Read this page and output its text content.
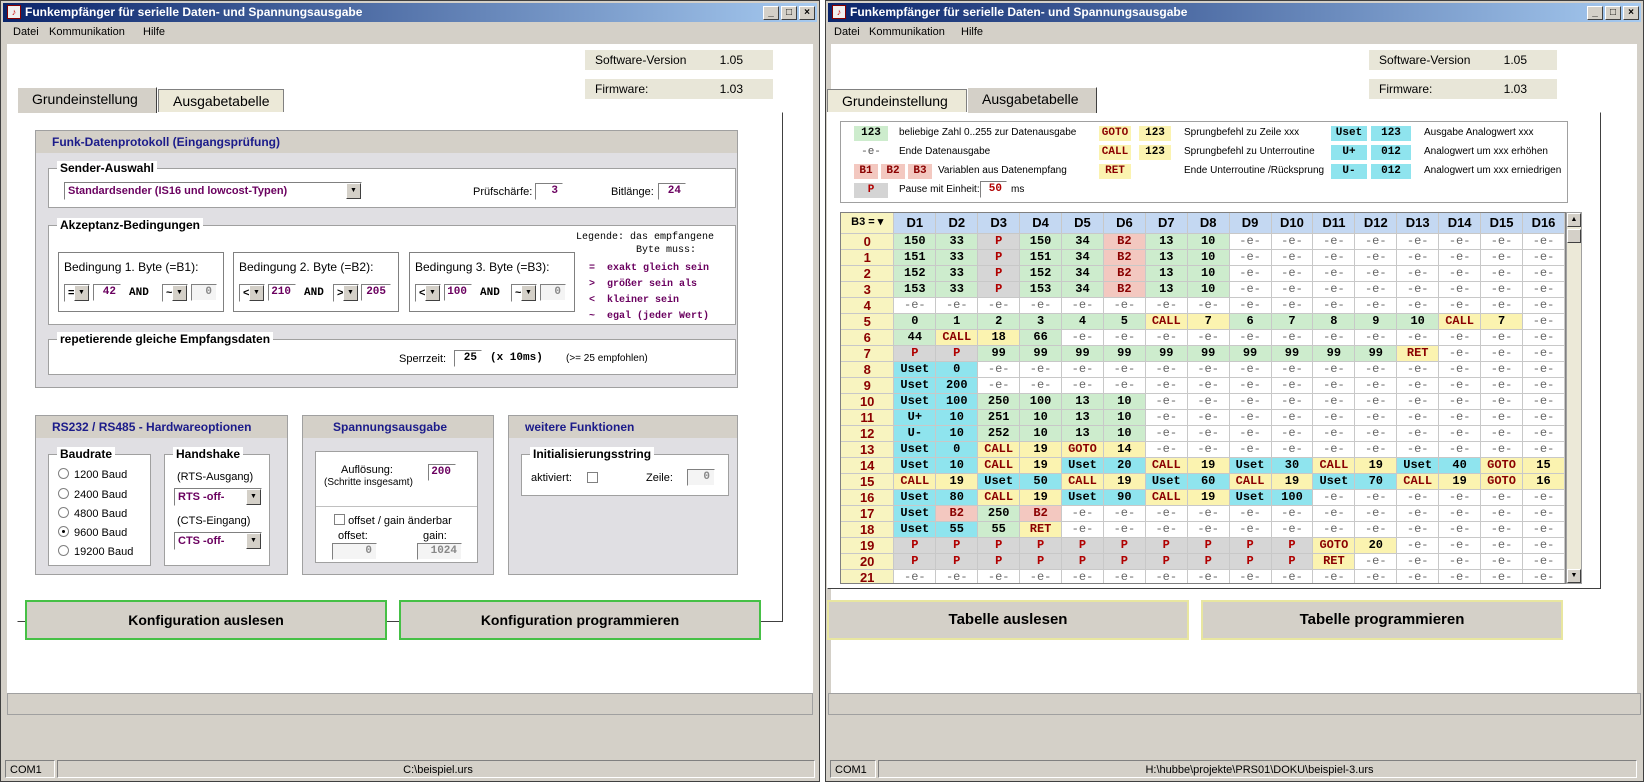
♪ Funkempfänger für serielle Daten- und Spannungsausgabe	_	□	×
Datei Kommunikation Hilfe
Software-Version	1.05
Firmware:	1.03
Grundeinstellung	Ausgabetabelle
Funk-Datenprotokoll (Eingangsprüfung)
Sender-Auswahl
Standardsender (IS16 und lowcost-Typen)	▼	Prüfschärfe:	3	Bitlänge:	24
Akzeptanz-Bedingungen
Bedingung 1. Byte (=B1):
= ▼	42	AND	~ ▼	0
Bedingung 2. Byte (=B2):
< ▼	210	AND	> ▼	205
Bedingung 3. Byte (=B3):
< ▼	100	AND	~ ▼	0
Legende: das empfangene
Byte muss:
=  exakt gleich sein
>  größer sein als
<  kleiner sein
~  egal (jeder Wert)
repetierende gleiche Empfangsdaten
Sperrzeit:	25	(x 10ms) (>= 25 empfohlen)
RS232 / RS485 - Hardwareoptionen
Baudrate
1200 Baud
2400 Baud
4800 Baud
9600 Baud
19200 Baud
Handshake
(RTS-Ausgang)
RTS -off-	▼
(CTS-Eingang)
CTS -off-	▼
Spannungsausgabe
Auflösung:
(Schritte insgesamt)
200
offset / gain änderbar
offset:	gain:
0	1024
weitere Funktionen
Initialisierungsstring
aktiviert:	Zeile:	0
Konfiguration auslesen	Konfiguration programmieren
COM1	C:\beispiel.urs
♪ Funkempfänger für serielle Daten- und Spannungsausgabe	_	□	×
Datei Kommunikation Hilfe
Software-Version	1.05
Firmware:	1.03
Grundeinstellung	Ausgabetabelle
123	beliebige Zahl 0..255 zur Datenausgabe
-e-	Ende Datenausgabe
B1	B2	B3	Variablen aus Datenempfang
P	Pause mit Einheit: 50 ms
GOTO	123	Sprungbefehl zu Zeile xxx
CALL	123	Sprungbefehl zu Unterroutine
RET	Ende Unterroutine /Rücksprung
Uset	123	Ausgabe Analogwert xxx
U+	012	Analogwert um xxx erhöhen
U-	012	Analogwert um xxx erniedrigen
B3 = ▾	D1	D2	D3	D4	D5	D6	D7	D8	D9	D10	D11	D12	D13	D14	D15	D16
0	150	33	P	150	34	B2	13	10	-e-	-e-	-e-	-e-	-e-	-e-	-e-	-e-
1	151	33	P	151	34	B2	13	10	-e-	-e-	-e-	-e-	-e-	-e-	-e-	-e-
2	152	33	P	152	34	B2	13	10	-e-	-e-	-e-	-e-	-e-	-e-	-e-	-e-
3	153	33	P	153	34	B2	13	10	-e-	-e-	-e-	-e-	-e-	-e-	-e-	-e-
4	-e-	-e-	-e-	-e-	-e-	-e-	-e-	-e-	-e-	-e-	-e-	-e-	-e-	-e-	-e-	-e-
5	0	1	2	3	4	5	CALL	7	6	7	8	9	10	CALL	7	-e-
6	44	CALL	18	66	-e-	-e-	-e-	-e-	-e-	-e-	-e-	-e-	-e-	-e-	-e-	-e-
7	P	P	99	99	99	99	99	99	99	99	99	99	RET	-e-	-e-	-e-
8	Uset	0	-e-	-e-	-e-	-e-	-e-	-e-	-e-	-e-	-e-	-e-	-e-	-e-	-e-	-e-
9	Uset	200	-e-	-e-	-e-	-e-	-e-	-e-	-e-	-e-	-e-	-e-	-e-	-e-	-e-	-e-
10	Uset	100	250	100	13	10	-e-	-e-	-e-	-e-	-e-	-e-	-e-	-e-	-e-	-e-
11	U+	10	251	10	13	10	-e-	-e-	-e-	-e-	-e-	-e-	-e-	-e-	-e-	-e-
12	U-	10	252	10	13	10	-e-	-e-	-e-	-e-	-e-	-e-	-e-	-e-	-e-	-e-
13	Uset	0	CALL	19	GOTO	14	-e-	-e-	-e-	-e-	-e-	-e-	-e-	-e-	-e-	-e-
14	Uset	10	CALL	19	Uset	20	CALL	19	Uset	30	CALL	19	Uset	40	GOTO	15
15	CALL	19	Uset	50	CALL	19	Uset	60	CALL	19	Uset	70	CALL	19	GOTO	16
16	Uset	80	CALL	19	Uset	90	CALL	19	Uset	100	-e-	-e-	-e-	-e-	-e-	-e-
17	Uset	B2	250	B2	-e-	-e-	-e-	-e-	-e-	-e-	-e-	-e-	-e-	-e-	-e-	-e-
18	Uset	55	55	RET	-e-	-e-	-e-	-e-	-e-	-e-	-e-	-e-	-e-	-e-	-e-	-e-
19	P	P	P	P	P	P	P	P	P	P	GOTO	20	-e-	-e-	-e-	-e-
20	P	P	P	P	P	P	P	P	P	P	RET	-e-	-e-	-e-	-e-	-e-
21	-e-	-e-	-e-	-e-	-e-	-e-	-e-	-e-	-e-	-e-	-e-	-e-	-e-	-e-	-e-	-e-
▲
▼
Tabelle auslesen	Tabelle programmieren
COM1	H:\hubbe\projekte\PRS01\DOKU\beispiel-3.urs
